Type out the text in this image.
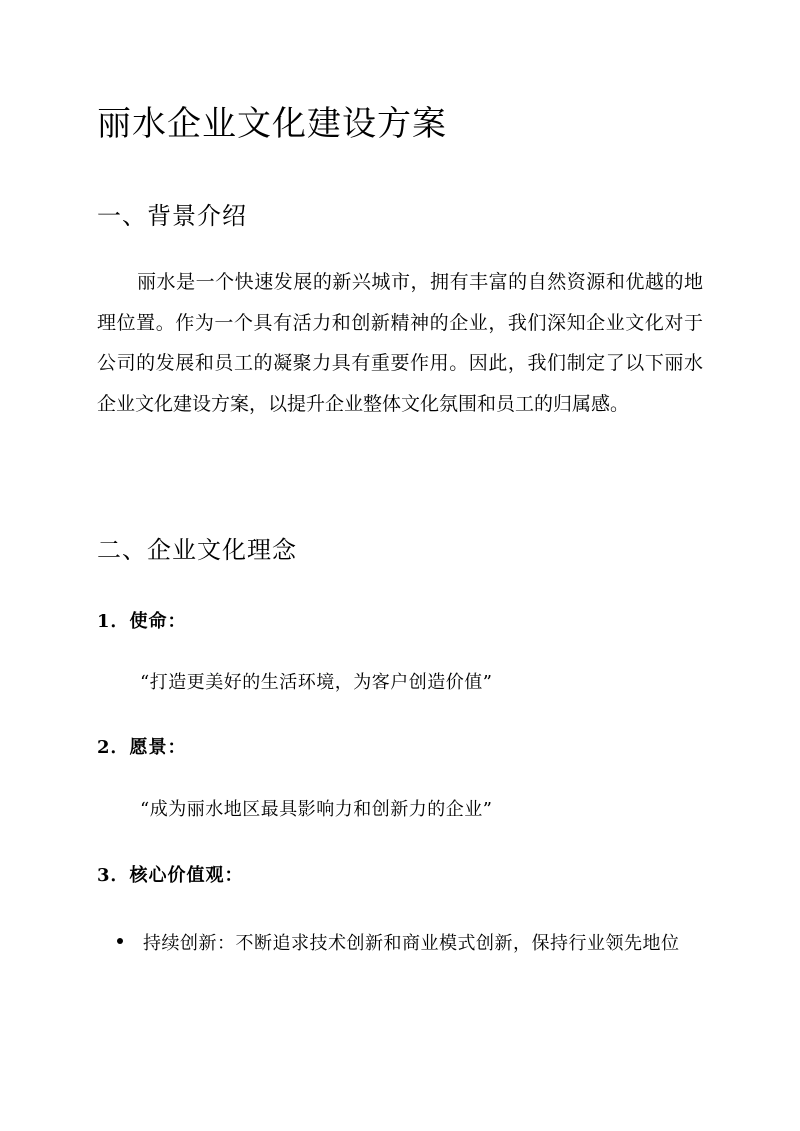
丽水企业文化建设方案
一、背景介绍

丽水是一个快速发展的新兴城市，拥有丰富的自然资源和优越的地理位置。作为一个具有活力和创新精神的企业，我们深知企业文化对于公司的发展和员工的凝聚力具有重要作用。因此，我们制定了以下丽水企业文化建设方案，以提升企业整体文化氛围和员工的归属感。

二、企业文化理念
1．使命：
“打造更美好的生活环境，为客户创造价值”
2．愿景：
“成为丽水地区最具影响力和创新力的企业”
3．核心价值观：

持续创新：不断追求技术创新和商业模式创新，保持行业领先地位
